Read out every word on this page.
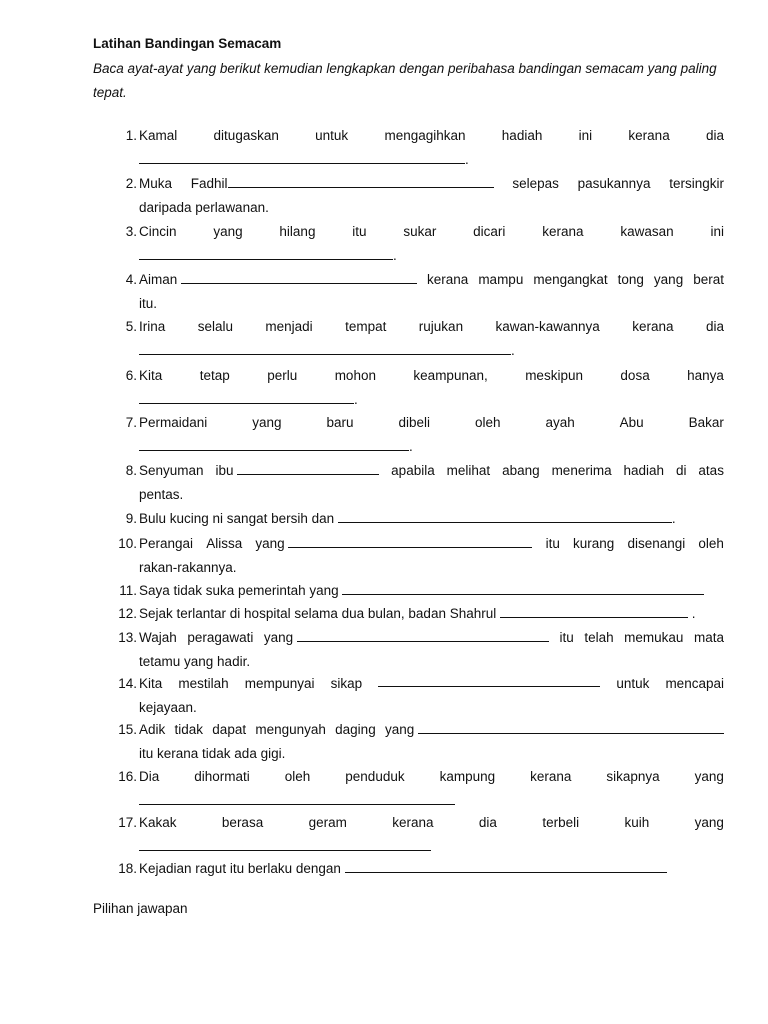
Latihan Bandingan Semacam
Baca ayat-ayat yang berikut kemudian lengkapkan dengan peribahasa bandingan semacam yang paling tepat.
1. Kamal	ditugaskan	untuk	mengagihkan	hadiah	ini	kerana	dia
.
2. Muka Fadhil	selepas pasukannya tersingkir
daripada perlawanan.
3. Cincin	yang	hilang	itu	sukar	dicari	kerana	kawasan	ini
.
4. Aiman	kerana mampu mengangkat tong yang berat
itu.
5. Irina selalu menjadi tempat rujukan kawan-kawannya kerana dia
.
6. Kita	tetap	perlu	mohon	keampunan,	meskipun	dosa	hanya
.
7. Permaidani	yang	baru	dibeli	oleh	ayah	Abu	Bakar
.
8. Senyuman ibu	apabila melihat abang menerima hadiah di atas
pentas.
9. Bulu kucing ni sangat bersih dan	.
10. Perangai Alissa yang	itu kurang disenangi oleh
rakan-rakannya.
11. Saya tidak suka pemerintah yang
12. Sejak terlantar di hospital selama dua bulan, badan Shahrul	.
13. Wajah peragawati yang	itu telah memukau mata
tetamu yang hadir.
14. Kita mestilah mempunyai sikap	untuk mencapai
kejayaan.
15. Adik tidak dapat mengunyah daging yang
itu kerana tidak ada gigi.
16. Dia	dihormati	oleh	penduduk	kampung	kerana	sikapnya	yang
17. Kakak	berasa	geram	kerana	dia	terbeli	kuih	yang
18. Kejadian ragut itu berlaku dengan
Pilihan jawapan
